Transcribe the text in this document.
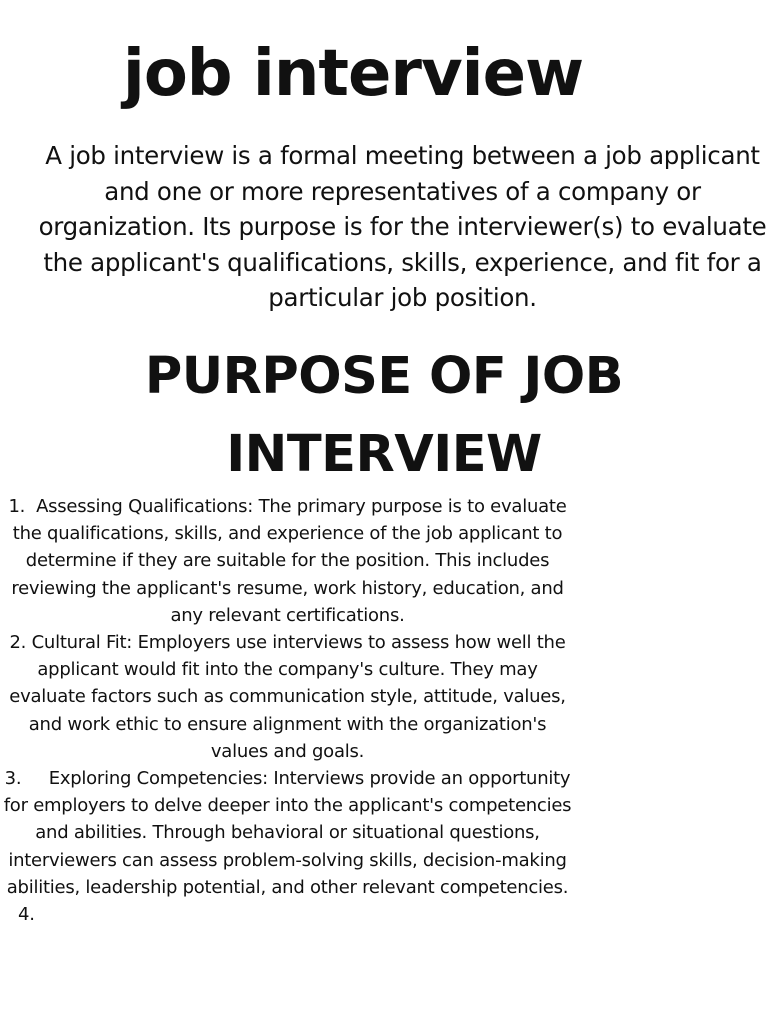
job interview

A job interview is a formal meeting between a job applicant and one or more representatives of a company or organization. Its purpose is for the interviewer(s) to evaluate the applicant's qualifications, skills, experience, and fit for a particular job position.

PURPOSE OF JOB INTERVIEW
1.  Assessing Qualifications: The primary purpose is to evaluate the qualifications, skills, and experience of the job applicant to determine if they are suitable for the position. This includes reviewing the applicant's resume, work history, education, and any relevant certifications.
2. Cultural Fit: Employers use interviews to assess how well the applicant would fit into the company's culture. They may evaluate factors such as communication style, attitude, values, and work ethic to ensure alignment with the organization's values and goals.
3.     Exploring Competencies: Interviews provide an opportunity for employers to delve deeper into the applicant's competencies and abilities. Through behavioral or situational questions, interviewers can assess problem-solving skills, decision-making abilities, leadership potential, and other relevant competencies.
4.
